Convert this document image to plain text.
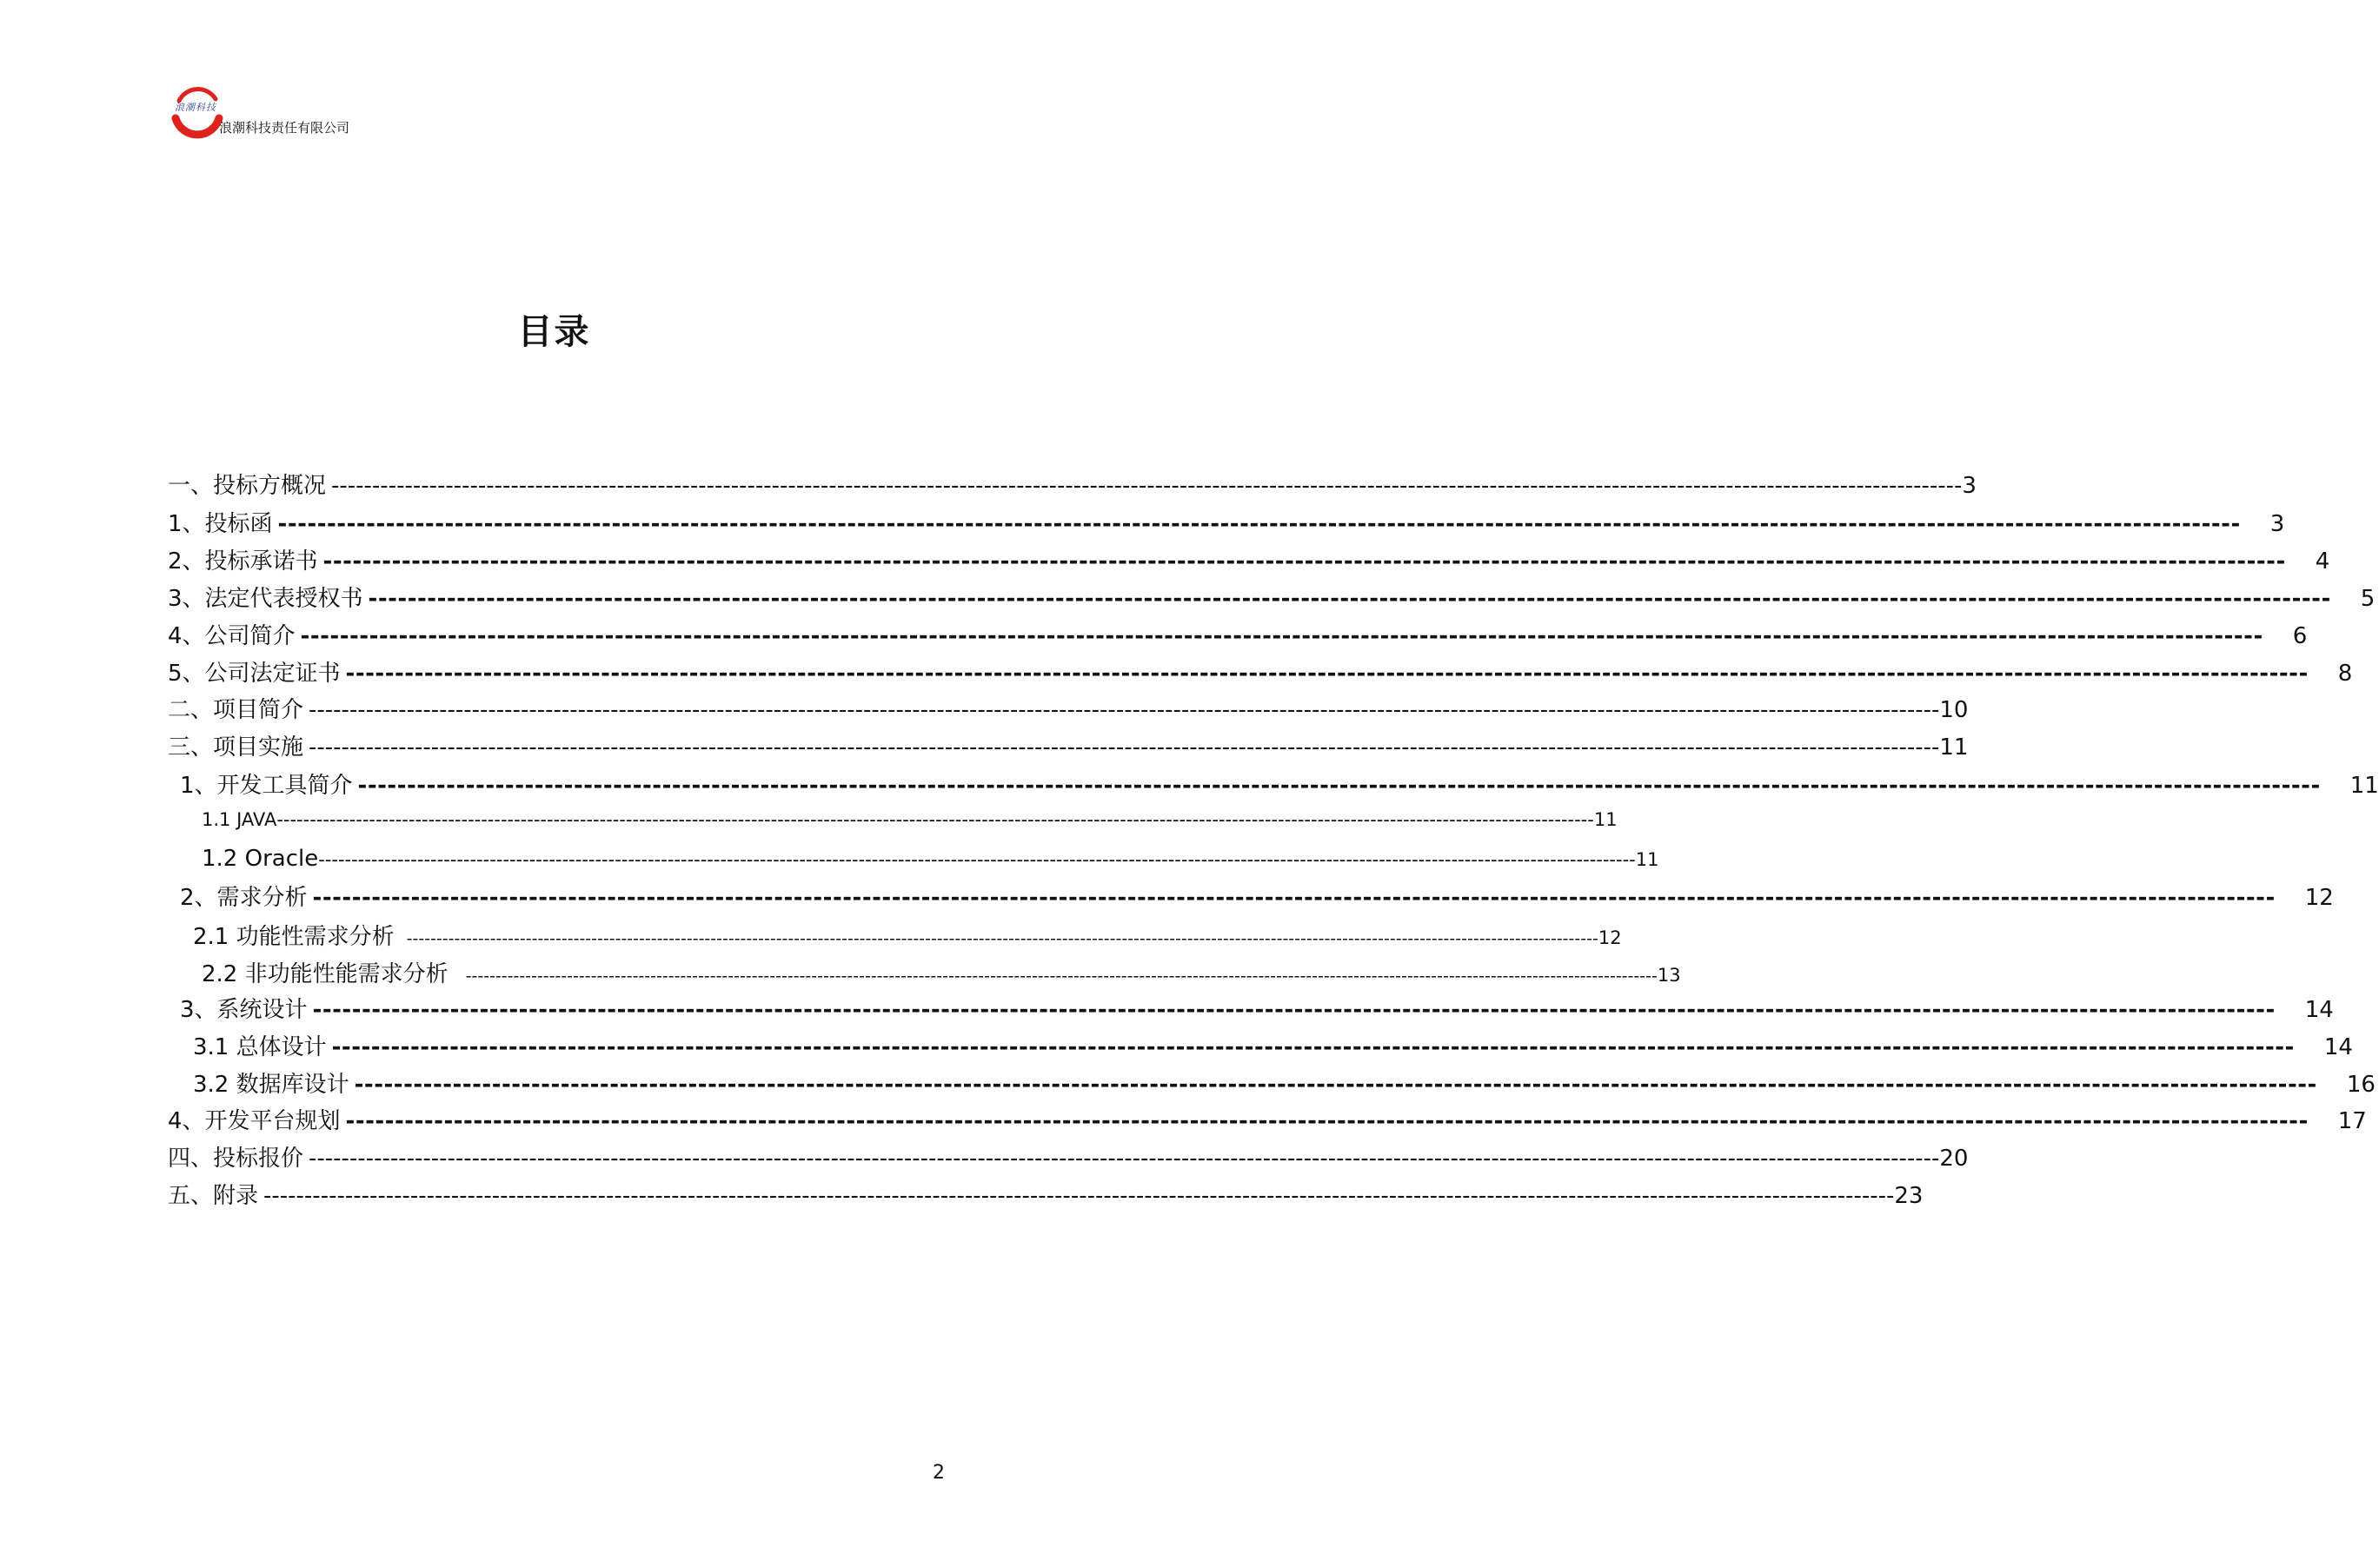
浪潮科技
浪潮科技责任有限公司
目录
一、投标方概况 -------------------------------------------------------------------------------------------------------------------------------------------------------------------------------------------------------- 3
1、投标函 -------------------------------------------------------------------------------------------------------------------------------------------------------------------------------------------------------- 3
2、投标承诺书 -------------------------------------------------------------------------------------------------------------------------------------------------------------------------------------------------------- 4
3、法定代表授权书 -------------------------------------------------------------------------------------------------------------------------------------------------------------------------------------------------------- 5
4、公司简介 -------------------------------------------------------------------------------------------------------------------------------------------------------------------------------------------------------- 6
5、公司法定证书 -------------------------------------------------------------------------------------------------------------------------------------------------------------------------------------------------------- 8
二、项目简介 -------------------------------------------------------------------------------------------------------------------------------------------------------------------------------------------------------- 10
三、项目实施 -------------------------------------------------------------------------------------------------------------------------------------------------------------------------------------------------------- 11
1、开发工具简介 -------------------------------------------------------------------------------------------------------------------------------------------------------------------------------------------------------- 11
1.1 JAVA -------------------------------------------------------------------------------------------------------------------------------------------------------------------------------------------------------- 11
1.2 Oracle -------------------------------------------------------------------------------------------------------------------------------------------------------------------------------------------------------- 11
2、需求分析 -------------------------------------------------------------------------------------------------------------------------------------------------------------------------------------------------------- 12
2.1 功能性需求分析 -------------------------------------------------------------------------------------------------------------------------------------------------------------------------------------------------------- 12
2.2 非功能性能需求分析 -------------------------------------------------------------------------------------------------------------------------------------------------------------------------------------------------------- 13
3、系统设计 -------------------------------------------------------------------------------------------------------------------------------------------------------------------------------------------------------- 14
3.1 总体设计 -------------------------------------------------------------------------------------------------------------------------------------------------------------------------------------------------------- 14
3.2 数据库设计 -------------------------------------------------------------------------------------------------------------------------------------------------------------------------------------------------------- 16
4、开发平台规划 -------------------------------------------------------------------------------------------------------------------------------------------------------------------------------------------------------- 17
四、投标报价 -------------------------------------------------------------------------------------------------------------------------------------------------------------------------------------------------------- 20
五、附录 -------------------------------------------------------------------------------------------------------------------------------------------------------------------------------------------------------- 23
2
